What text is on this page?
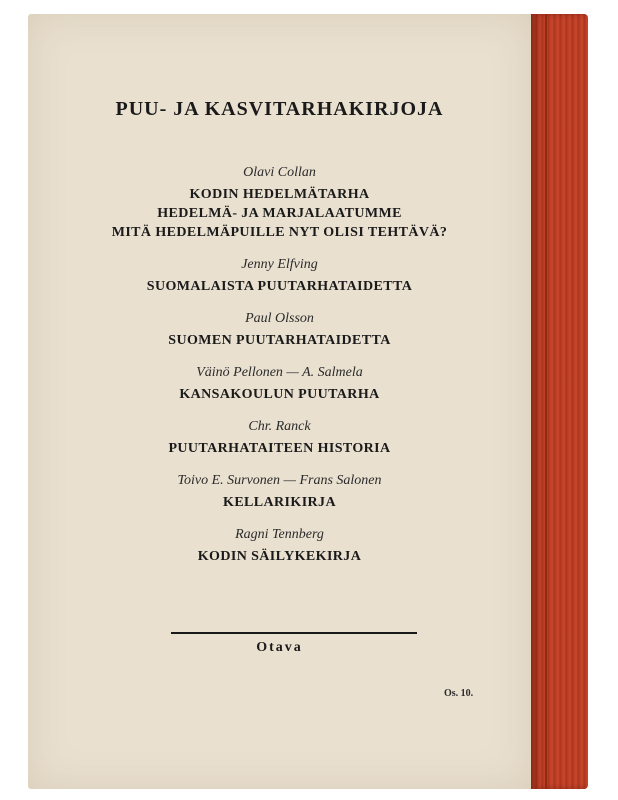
PUU- JA KASVITARHAKIRJOJA
Olavi Collan
KODIN HEDELMÄTARHA
HEDELMÄ- JA MARJALAATUMME
MITÄ HEDELMÄPUILLE NYT OLISI TEHTÄVÄ?
Jenny Elfving
SUOMALAISTA PUUTARHATAIDETTA
Paul Olsson
SUOMEN PUUTARHATAIDETTA
Väinö Pellonen — A. Salmela
KANSAKOULUN PUUTARHA
Chr. Ranck
PUUTARHATAITEEN HISTORIA
Toivo E. Survonen — Frans Salonen
KELLARIKIRJA
Ragni Tennberg
KODIN SÄILYKEKIRJA
Otava
Os. 10.
